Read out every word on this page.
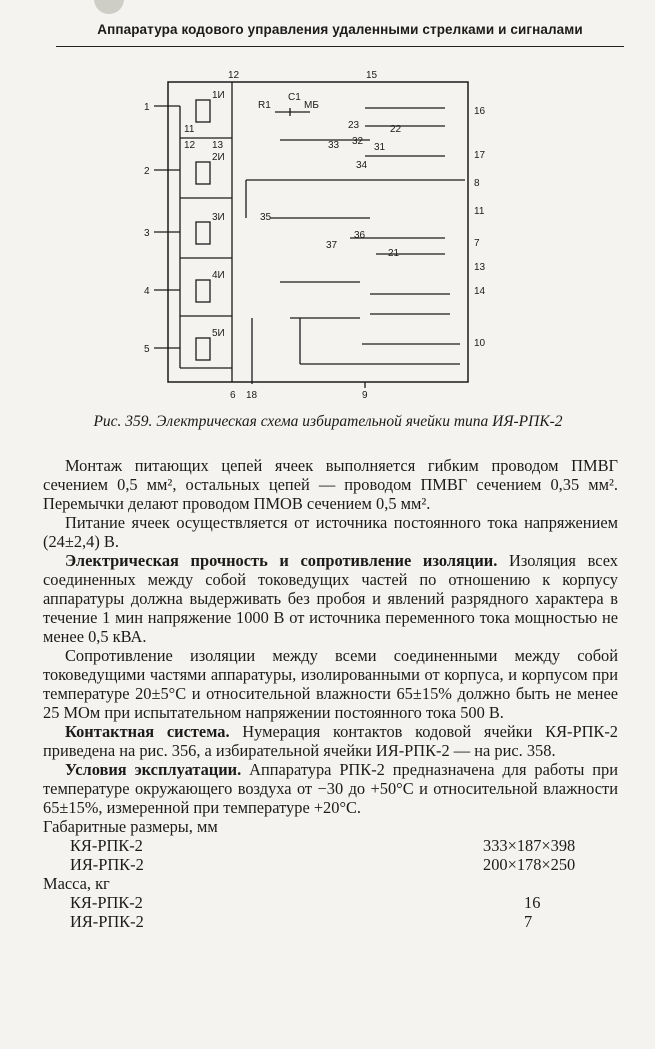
Аппаратура кодового управления удаленными стрелками и сигналами
12	15
16
17
8
11
7
13
14
10
6 18	9
1
2
3
4
5
R1
C1
МБ
1И
2И
3И
4И
5И
11
12 13
22
23
32
33
34
35
36
37
21
31
Рис. 359. Электрическая схема избирательной ячейки типа ИЯ-РПК-2

Монтаж питающих цепей ячеек выполняется гибким проводом ПМВГ сечением 0,5 мм², остальных цепей — проводом ПМВГ сечением 0,35 мм². Перемычки делают проводом ПМОВ сечением 0,5 мм².

Питание ячеек осуществляется от источника постоянного тока напряжением (24±2,4) В.

Электрическая прочность и сопротивление изоляции. Изоляция всех соединенных между собой токоведущих частей по отношению к корпусу аппаратуры должна выдерживать без пробоя и явлений разрядного характера в течение 1 мин напряжение 1000 В от источника переменного тока мощностью не менее 0,5 кВА.

Сопротивление изоляции между всеми соединенными между собой токоведущими частями аппаратуры, изолированными от корпуса, и корпусом при температуре 20±5°С и относительной влажности 65±15% должно быть не менее 25 МОм при испытательном напряжении постоянного тока 500 В.

Контактная система. Нумерация контактов кодовой ячейки КЯ-РПК-2 приведена на рис. 356, а избирательной ячейки ИЯ-РПК-2 — на рис. 358.

Условия эксплуатации. Аппаратура РПК-2 предназначена для работы при температуре окружающего воздуха от −30 до +50°С и относительной влажности 65±15%, измеренной при температуре +20°С.

Габаритные размеры, мм
КЯ-РПК-2	333×187×398
ИЯ-РПК-2	200×178×250
Масса, кг
КЯ-РПК-2	16
ИЯ-РПК-2	7
